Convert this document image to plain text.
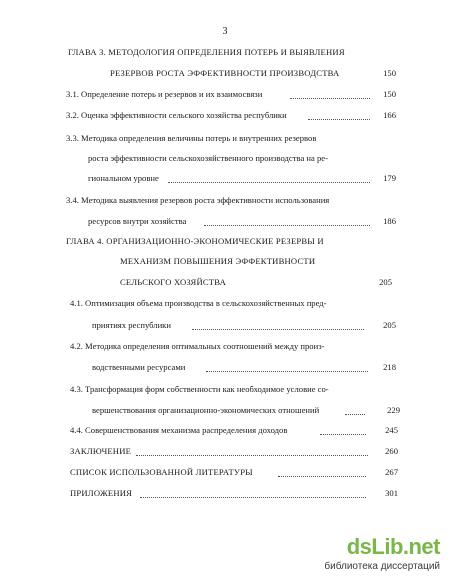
3
ГЛАВА 3. МЕТОДОЛОГИЯ ОПРЕДЕЛЕНИЯ ПОТЕРЬ И ВЫЯВЛЕНИЯ
РЕЗЕРВОВ РОСТА ЭФФЕКТИВНОСТИ ПРОИЗВОДСТВА	150
3.1. Определение потерь и резервов и их взаимосвязи	150
3.2. Оценка эффективности сельского хозяйства республики	166
3.3. Методика определения величины потерь и внутренних резервов
роста эффективности сельскохозяйственного производства на ре-
гиональном уровне	179
3.4. Методика выявления резервов роста эффективности использования
ресурсов внутри хозяйства	186
ГЛАВА 4. ОРГАНИЗАЦИОННО-ЭКОНОМИЧЕСКИЕ РЕЗЕРВЫ И
МЕХАНИЗМ ПОВЫШЕНИЯ ЭФФЕКТИВНОСТИ
СЕЛЬСКОГО ХОЗЯЙСТВА	205
4.1. Оптимизация объема производства в сельскохозяйственных пред-
приятиях республики	205
4.2. Методика определения оптимальных соотношений между произ-
водственными ресурсами	218
4.3. Трансформация форм собственности как необходимое условие со-
вершенствования организационно-экономических отношений	229
4.4. Совершенствования механизма распределения доходов	245
ЗАКЛЮЧЕНИЕ	260
СПИСОК ИСПОЛЬЗОВАННОЙ ЛИТЕРАТУРЫ	267
ПРИЛОЖЕНИЯ	301
dsLib.net
библиотека диссертаций
